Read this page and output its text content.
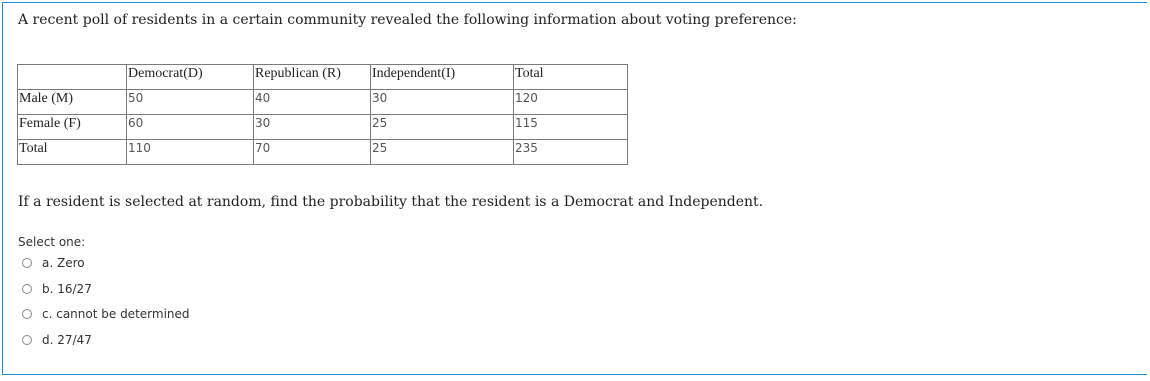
A recent poll of residents in a certain community revealed the following information about voting preference:
	Democrat(D)	Republican (R)	Independent(I)	Total
Male (M)	50	40	30	120
Female (F)	60	30	25	115
Total	110	70	25	235
If a resident is selected at random, find the probability that the resident is a Democrat and Independent.
Select one:
a. Zero
b. 16/27
c. cannot be determined
d. 27/47
